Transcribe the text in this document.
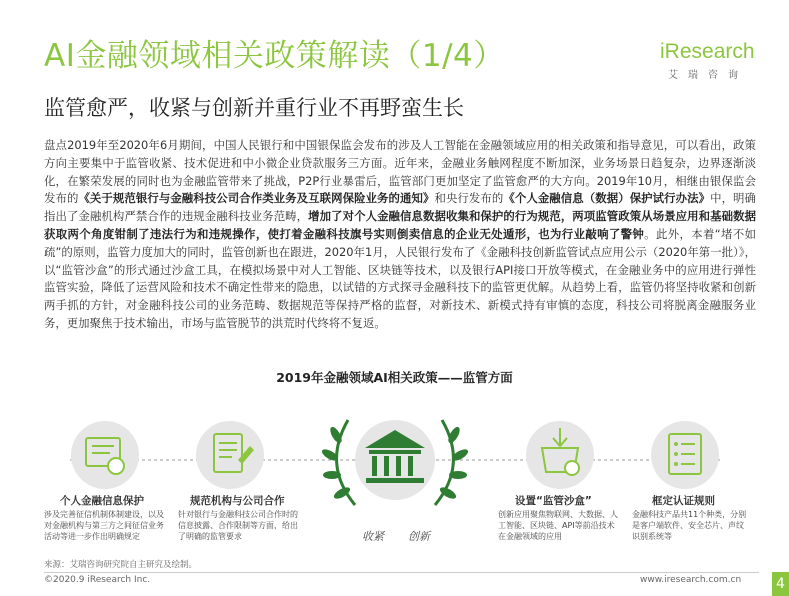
AI金融领域相关政策解读（1/4）
监管愈严，收紧与创新并重行业不再野蛮生长
iResearch
艾瑞咨询
盘点2019年至2020年6月期间，中国人民银行和中国银保监会发布的涉及人工智能在金融领域应用的相关政策和指导意见，可以看出，政策方向主要集中于监管收紧、技术促进和中小微企业贷款服务三方面。近年来，金融业务触网程度不断加深，业务场景日趋复杂，边界逐渐淡化，在繁荣发展的同时也为金融监管带来了挑战，P2P行业暴雷后，监管部门更加坚定了监管愈严的大方向。2019年10月，相继由银保监会发布的《关于规范银行与金融科技公司合作类业务及互联网保险业务的通知》和央行发布的《个人金融信息（数据）保护试行办法》中，明确指出了金融机构严禁合作的违规金融科技业务范畴，增加了对个人金融信息数据收集和保护的行为规范，两项监管政策从场景应用和基础数据获取两个角度钳制了违法行为和违规操作，使打着金融科技旗号实则倒卖信息的企业无处遁形，也为行业敲响了警钟。此外，本着“堵不如疏”的原则，监管力度加大的同时，监管创新也在跟进，2020年1月，人民银行发布了《金融科技创新监管试点应用公示（2020年第一批）》，以“监管沙盒”的形式通过沙盒工具，在模拟场景中对人工智能、区块链等技术，以及银行API接口开放等模式，在金融业务中的应用进行弹性监管实验，降低了运营风险和技术不确定性带来的隐患，以试错的方式探寻金融科技下的监管更优解。从趋势上看，监管仍将坚持收紧和创新两手抓的方针，对金融科技公司的业务范畴、数据规范等保持严格的监督，对新技术、新模式持有审慎的态度，科技公司将脱离金融服务业务，更加聚焦于技术输出，市场与监管脱节的洪荒时代终将不复返。
2019年金融领域AI相关政策——监管方面
个人金融信息保护
涉及完善征信机制体制建设，以及对金融机构与第三方之间征信业务活动等进一步作出明确规定
规范机构与公司合作
针对银行与金融科技公司合作时的信息披露、合作限制等方面，给出了明确的监管要求	收紧 创新
设置“监管沙盒”
创新应用聚焦物联网、大数据、人工智能、区块链、API等前沿技术在金融领域的应用
框定认证规则
金融科技产品共11个种类，分别是客户端软件、安全芯片、声纹识别系统等
来源：艾瑞咨询研究院自主研究及绘制。
©2020.9 iResearch Inc.	www.iresearch.com.cn 4
